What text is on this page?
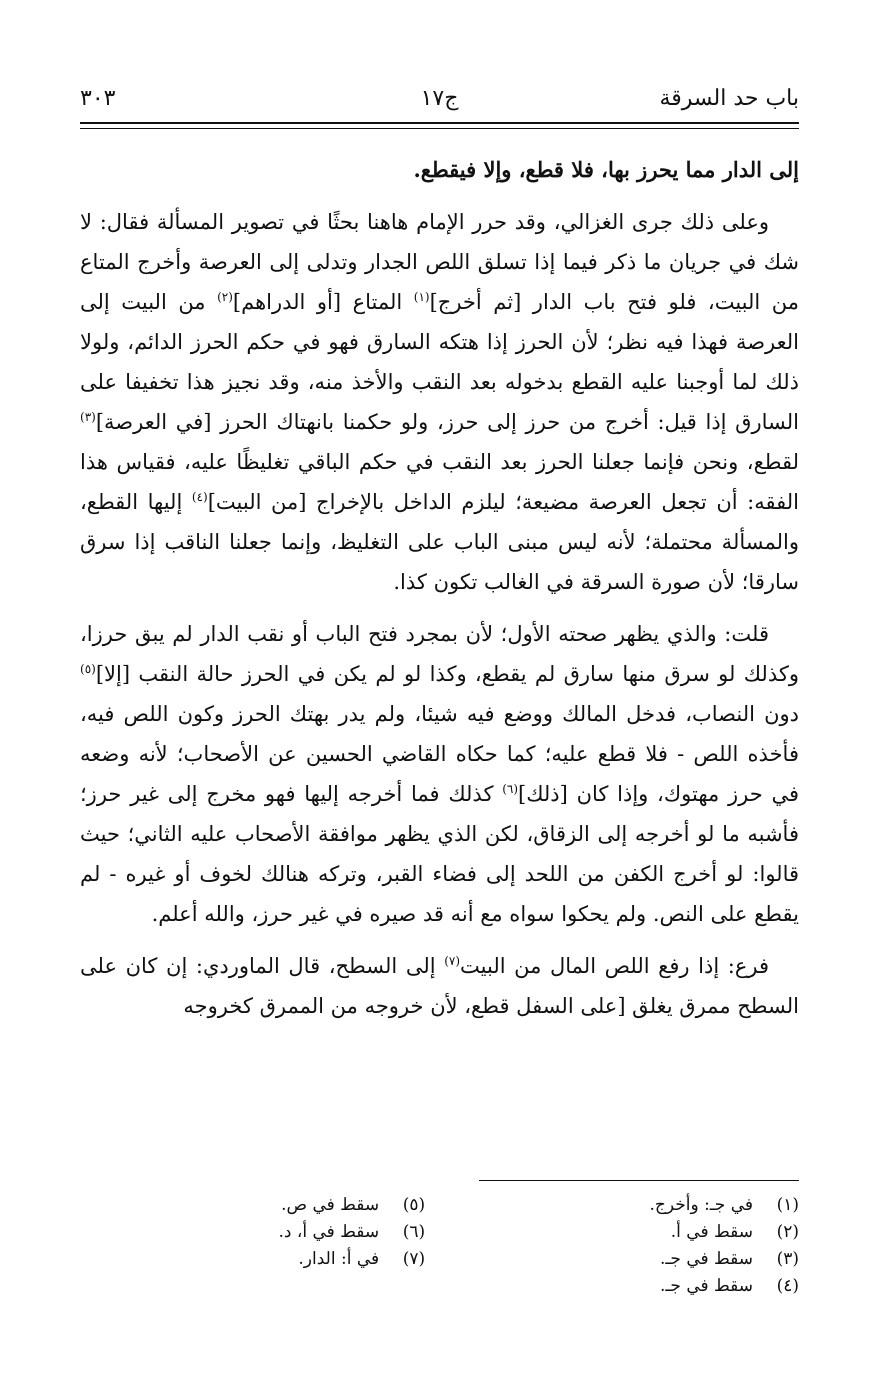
باب حد السرقة
ج١٧
٣٠٣

إلى الدار مما يحرز بها، فلا قطع، وإلا فيقطع.

وعلى ذلك جرى الغزالي، وقد حرر الإمام هاهنا بحثًا في تصوير المسألة فقال: لا شك في جريان ما ذكر فيما إذا تسلق اللص الجدار وتدلى إلى العرصة وأخرج المتاع من البيت، فلو فتح باب الدار [ثم أخرج]$^{(١)}$ المتاع [أو الدراهم]$^{(٢)}$ من البيت إلى العرصة فهذا فيه نظر؛ لأن الحرز إذا هتكه السارق فهو في حكم الحرز الدائم، ولولا ذلك لما أوجبنا عليه القطع بدخوله بعد النقب والأخذ منه، وقد نجيز هذا تخفيفا على السارق إذا قيل: أخرج من حرز إلى حرز، ولو حكمنا بانهتاك الحرز [في العرصة]$^{(٣)}$ لقطع، ونحن فإنما جعلنا الحرز بعد النقب في حكم الباقي تغليظًا عليه، فقياس هذا الفقه: أن تجعل العرصة مضيعة؛ ليلزم الداخل بالإخراج [من البيت]$^{(٤)}$ إليها القطع، والمسألة محتملة؛ لأنه ليس مبنى الباب على التغليظ، وإنما جعلنا الناقب إذا سرق سارقا؛ لأن صورة السرقة في الغالب تكون كذا.

قلت: والذي يظهر صحته الأول؛ لأن بمجرد فتح الباب أو نقب الدار لم يبق حرزا، وكذلك لو سرق منها سارق لم يقطع، وكذا لو لم يكن في الحرز حالة النقب [إلا]$^{(٥)}$ دون النصاب، فدخل المالك ووضع فيه شيئا، ولم يدر بهتك الحرز وكون اللص فيه، فأخذه اللص - فلا قطع عليه؛ كما حكاه القاضي الحسين عن الأصحاب؛ لأنه وضعه في حرز مهتوك، وإذا كان [ذلك]$^{(٦)}$ كذلك فما أخرجه إليها فهو مخرج إلى غير حرز؛ فأشبه ما لو أخرجه إلى الزقاق، لكن الذي يظهر موافقة الأصحاب عليه الثاني؛ حيث قالوا: لو أخرج الكفن من اللحد إلى فضاء القبر، وتركه هنالك لخوف أو غيره - لم يقطع على النص. ولم يحكوا سواه مع أنه قد صيره في غير حرز، والله أعلم.

فرع: إذا رفع اللص المال من البيت$^{(٧)}$ إلى السطح، قال الماوردي: إن كان على السطح ممرق يغلق [على السفل قطع، لأن خروجه من الممرق كخروجه

(١)في جـ: وأخرج.
(٢)سقط في أ.
(٣)سقط في جـ.
(٤)سقط في جـ.
(٥)سقط في ص.
(٦)سقط في أ، د.
(٧)في أ: الدار.
